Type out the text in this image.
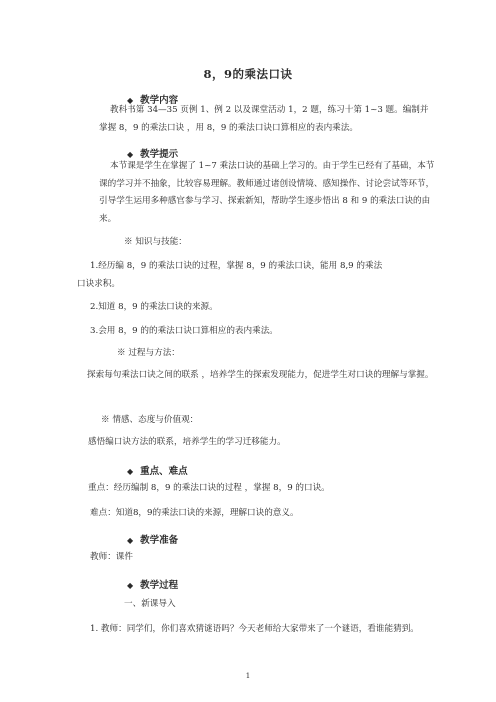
8，9的乘法口诀
◆ 教学内容
教科书第 34—35 页例 1、例 2 以及课堂活动 1，2 题，练习十第 1~3 题。编制并掌握 8，9 的乘法口诀 ，用 8，9 的乘法口诀口算相应的表内乘法。
◆ 教学提示
本节课是学生在掌握了 1~7 乘法口诀的基础上学习的。由于学生已经有了基础，本节课的学习并不抽象，比较容易理解。教师通过诸创设情境、感知操作、讨论尝试等环节，引导学生运用多种感官参与学习、探索新知，帮助学生逐步悟出 8 和 9 的乘法口诀的由来。
※ 知识与技能：
1.经历编 8，9 的乘法口诀的过程，掌握 8，9 的乘法口诀，能用 8,9 的乘法
口诀求积。
2.知道 8，9 的乘法口诀的来源。
3.会用 8，9 的的乘法口诀口算相应的表内乘法。
※ 过程与方法：
探索每句乘法口诀之间的联系 ，培养学生的探索发现能力，促进学生对口诀的理解与掌握。
※ 情感、态度与价值观：
感悟编口诀方法的联系，培养学生的学习迁移能力。
◆ 重点、难点
重点：经历编制 8，9 的乘法口诀的过程 ，掌握 8，9 的口诀。
难点：知道8，9的乘法口诀的来源，理解口诀的意义。
◆ 教学准备
教师：课件
◆ 教学过程
一、新课导入
1. 教师：同学们，你们喜欢猜谜语吗？今天老师给大家带来了一个谜语，看谁能猜到。
1
